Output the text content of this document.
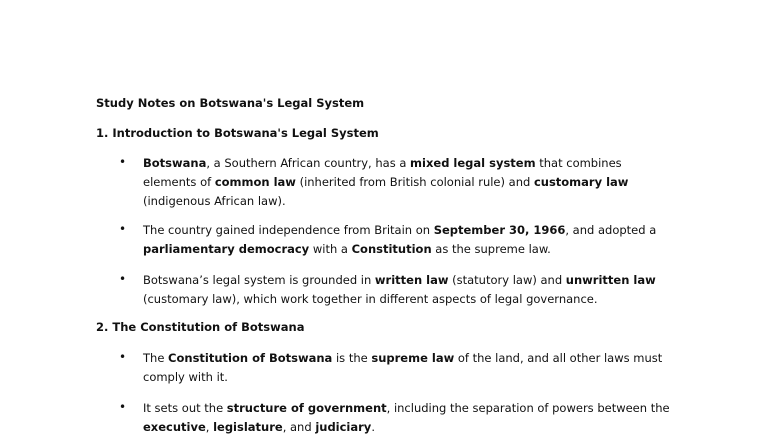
Study Notes on Botswana's Legal System
1. Introduction to Botswana's Legal System
• Botswana, a Southern African country, has a mixed legal system that combines elements of common law (inherited from British colonial rule) and customary law (indigenous African law).
• The country gained independence from Britain on September 30, 1966, and adopted a parliamentary democracy with a Constitution as the supreme law.
• Botswana’s legal system is grounded in written law (statutory law) and unwritten law (customary law), which work together in different aspects of legal governance.
2. The Constitution of Botswana
• The Constitution of Botswana is the supreme law of the land, and all other laws must comply with it.
• It sets out the structure of government, including the separation of powers between the executive, legislature, and judiciary.
